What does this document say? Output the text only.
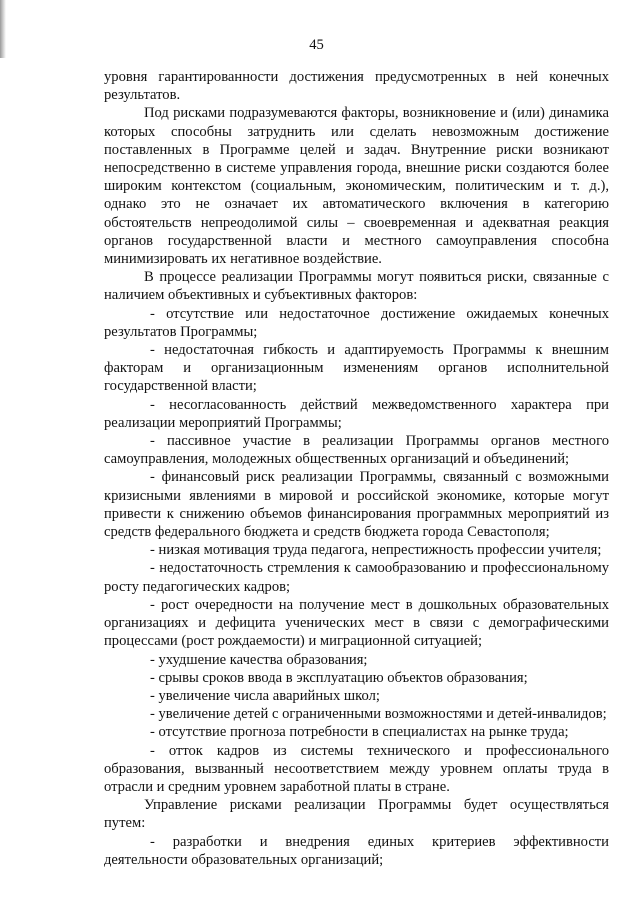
45

уровня гарантированности достижения предусмотренных в ней конечных результатов.

Под рисками подразумеваются факторы, возникновение и (или) динамика которых способны затруднить или сделать невозможным достижение поставленных в Программе целей и задач. Внутренние риски возникают непосредственно в системе управления города, внешние риски создаются более широким контекстом (социальным, экономическим, политическим и т. д.), однако это не означает их автоматического включения в категорию обстоятельств непреодолимой силы – своевременная и адекватная реакция органов государственной власти и местного самоуправления способна минимизировать их негативное воздействие.

В процессе реализации Программы могут появиться риски, связанные с наличием объективных и субъективных факторов:

- отсутствие или недостаточное достижение ожидаемых конечных результатов Программы;

- недостаточная гибкость и адаптируемость Программы к внешним факторам и организационным изменениям органов исполнительной государственной власти;

- несогласованность действий межведомственного характера при реализации мероприятий Программы;

- пассивное участие в реализации Программы органов местного самоуправления, молодежных общественных организаций и объединений;

- финансовый риск реализации Программы, связанный с возможными кризисными явлениями в мировой и российской экономике, которые могут привести к снижению объемов финансирования программных мероприятий из средств федерального бюджета и средств бюджета города Севастополя;

- низкая мотивация труда педагога, непрестижность профессии учителя;

- недостаточность стремления к самообразованию и профессиональному росту педагогических кадров;

- рост очередности на получение мест в дошкольных образовательных организациях и дефицита ученических мест в связи с демографическими процессами (рост рождаемости) и миграционной ситуацией;

- ухудшение качества образования;

- срывы сроков ввода в эксплуатацию объектов образования;

- увеличение числа аварийных школ;

- увеличение детей с ограниченными возможностями и детей-инвалидов;

- отсутствие прогноза потребности в специалистах на рынке труда;

- отток кадров из системы технического и профессионального образования, вызванный несоответствием между уровнем оплаты труда в отрасли и средним уровнем заработной платы в стране.

Управление рисками реализации Программы будет осуществляться путем:

- разработки и внедрения единых критериев эффективности деятельности образовательных организаций;
